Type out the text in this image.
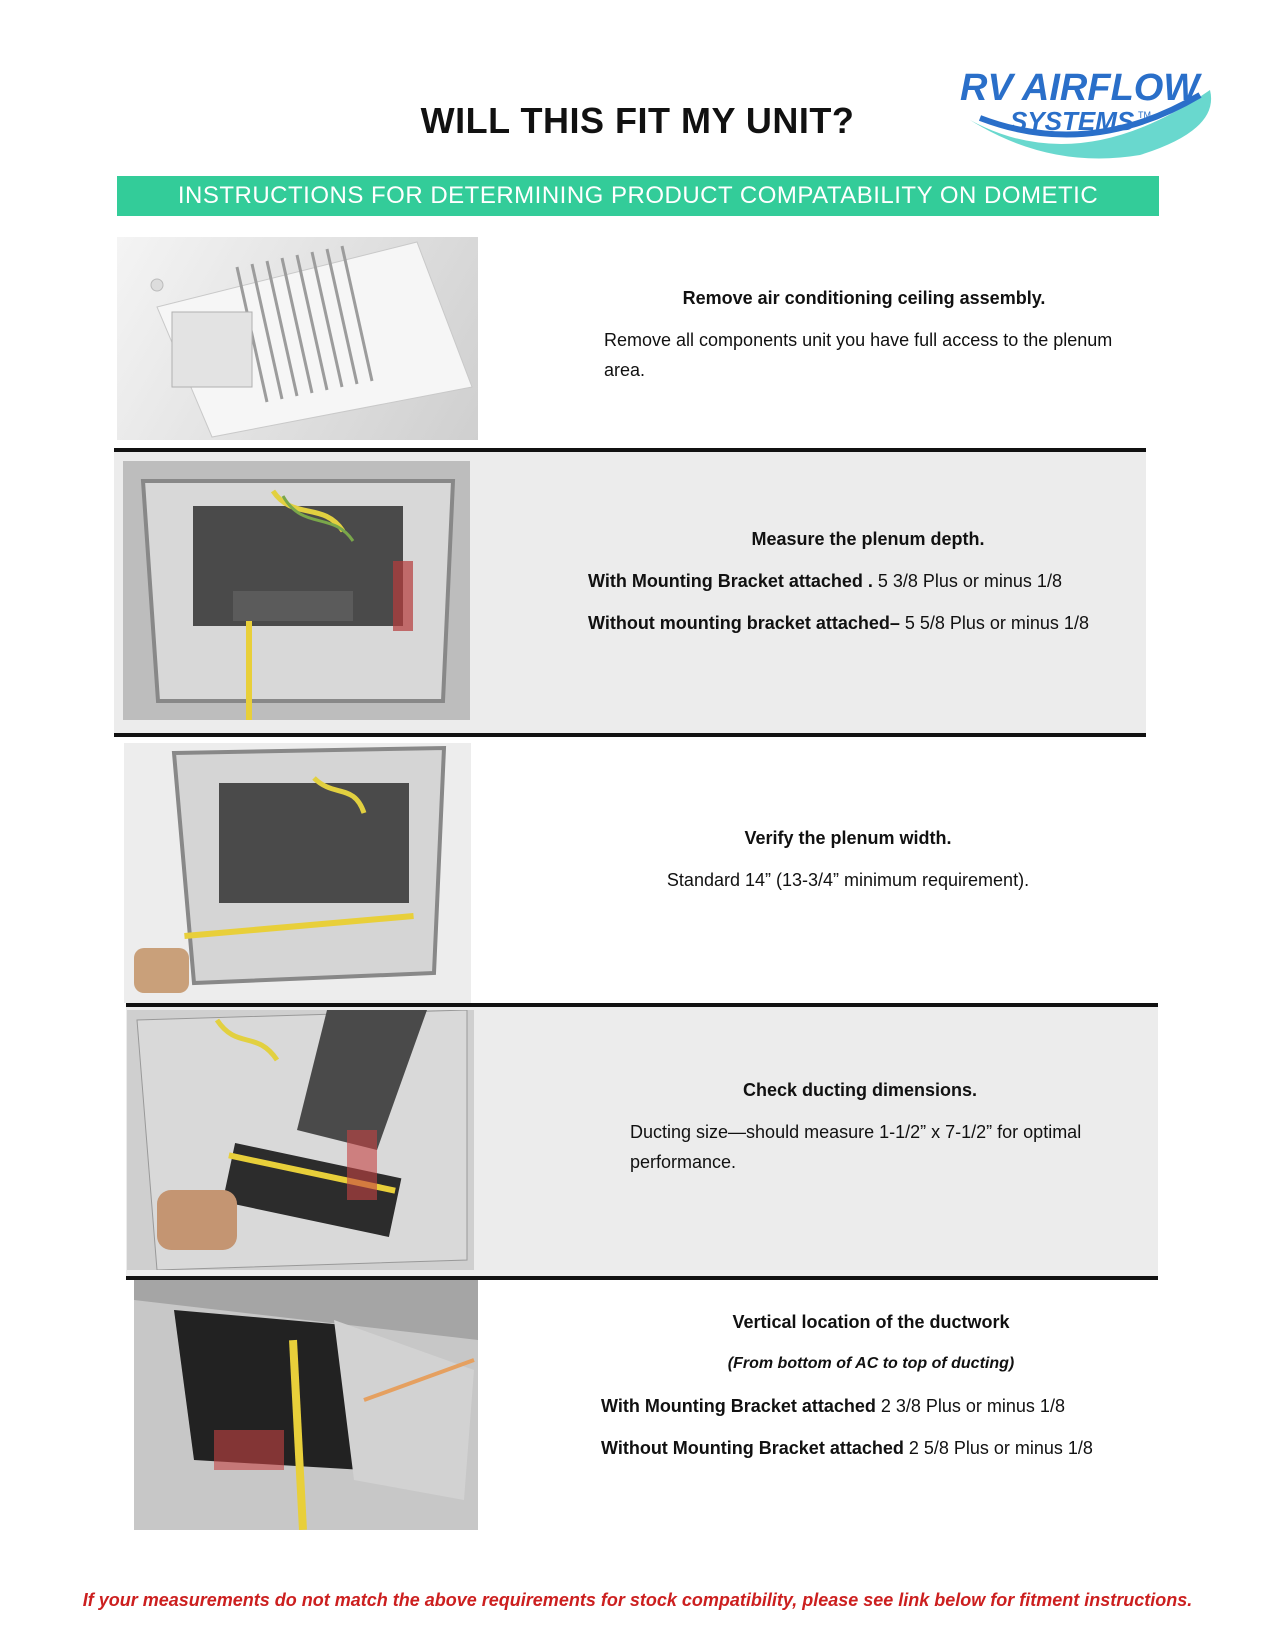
WILL THIS FIT MY UNIT?
RV AIRFLOW
SYSTEMS TM
INSTRUCTIONS FOR DETERMINING PRODUCT COMPATABILITY ON DOMETIC
Remove air conditioning ceiling assembly.
Remove all components unit you have full access to the plenum area.
Measure the plenum depth.
With Mounting Bracket attached . 5 3/8 Plus or minus 1/8
Without mounting bracket attached– 5 5/8 Plus or minus 1/8
Verify the plenum width.
Standard 14” (13-3/4” minimum requirement).
Check ducting dimensions.
Ducting size—should measure 1-1/2” x 7-1/2” for optimal performance.
Vertical location of the ductwork
(From bottom of AC to top of ducting)
With Mounting Bracket attached 2 3/8 Plus or minus 1/8
Without Mounting Bracket attached 2 5/8 Plus or minus 1/8
If your measurements do not match the above requirements for stock compatibility, please see link below for fitment instructions.
